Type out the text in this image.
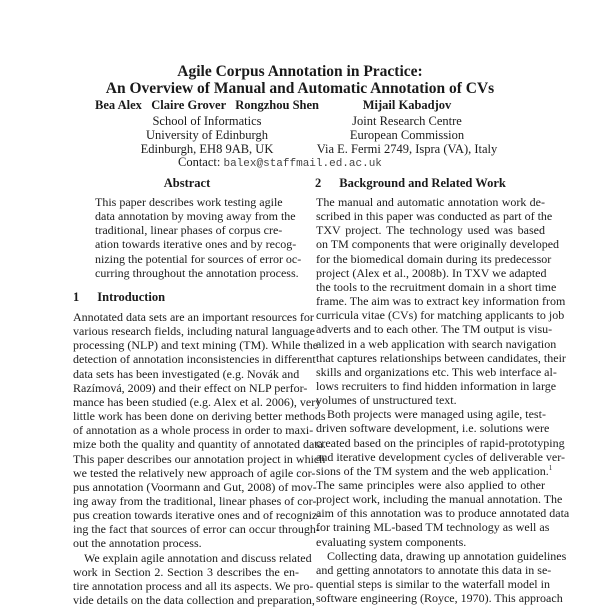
Agile Corpus Annotation in Practice:
An Overview of Manual and Automatic Annotation of CVs
Bea Alex   Claire Grover   Rongzhou Shen
School of Informatics
University of Edinburgh
Edinburgh, EH8 9AB, UK
Mijail Kabadjov
Joint Research Centre
European Commission
Via E. Fermi 2749, Ispra (VA), Italy
Contact: balex@staffmail.ed.ac.uk
Abstract
This paper describes work testing agile
data annotation by moving away from the
traditional, linear phases of corpus cre-
ation towards iterative ones and by recog-
nizing the potential for sources of error oc-
curring throughout the annotation process.
1 Introduction
Annotated data sets are an important resources for
various research fields, including natural language
processing (NLP) and text mining (TM). While the
detection of annotation inconsistencies in different
data sets has been investigated (e.g. Novák and
Razímová, 2009) and their effect on NLP perfor-
mance has been studied (e.g. Alex et al. 2006), very
little work has been done on deriving better methods
of annotation as a whole process in order to maxi-
mize both the quality and quantity of annotated data.
This paper describes our annotation project in which
we tested the relatively new approach of agile cor-
pus annotation (Voormann and Gut, 2008) of mov-
ing away from the traditional, linear phases of cor-
pus creation towards iterative ones and of recogniz-
ing the fact that sources of error can occur through-
out the annotation process.
We explain agile annotation and discuss related
work in Section 2. Section 3 describes the en-
tire annotation process and all its aspects. We pro-
vide details on the data collection and preparation,
2 Background and Related Work
The manual and automatic annotation work de-
scribed in this paper was conducted as part of the
TXV project. The technology used was based
on TM components that were originally developed
for the biomedical domain during its predecessor
project (Alex et al., 2008b). In TXV we adapted
the tools to the recruitment domain in a short time
frame. The aim was to extract key information from
curricula vitae (CVs) for matching applicants to job
adverts and to each other. The TM output is visu-
alized in a web application with search navigation
that captures relationships between candidates, their
skills and organizations etc. This web interface al-
lows recruiters to find hidden information in large
volumes of unstructured text.
Both projects were managed using agile, test-
driven software development, i.e. solutions were
created based on the principles of rapid-prototyping
and iterative development cycles of deliverable ver-
sions of the TM system and the web application.$^1$
The same principles were also applied to other
project work, including the manual annotation. The
aim of this annotation was to produce annotated data
for training ML-based TM technology as well as
evaluating system components.
Collecting data, drawing up annotation guidelines
and getting annotators to annotate this data in se-
quential steps is similar to the waterfall model in
software engineering (Royce, 1970). This approach
